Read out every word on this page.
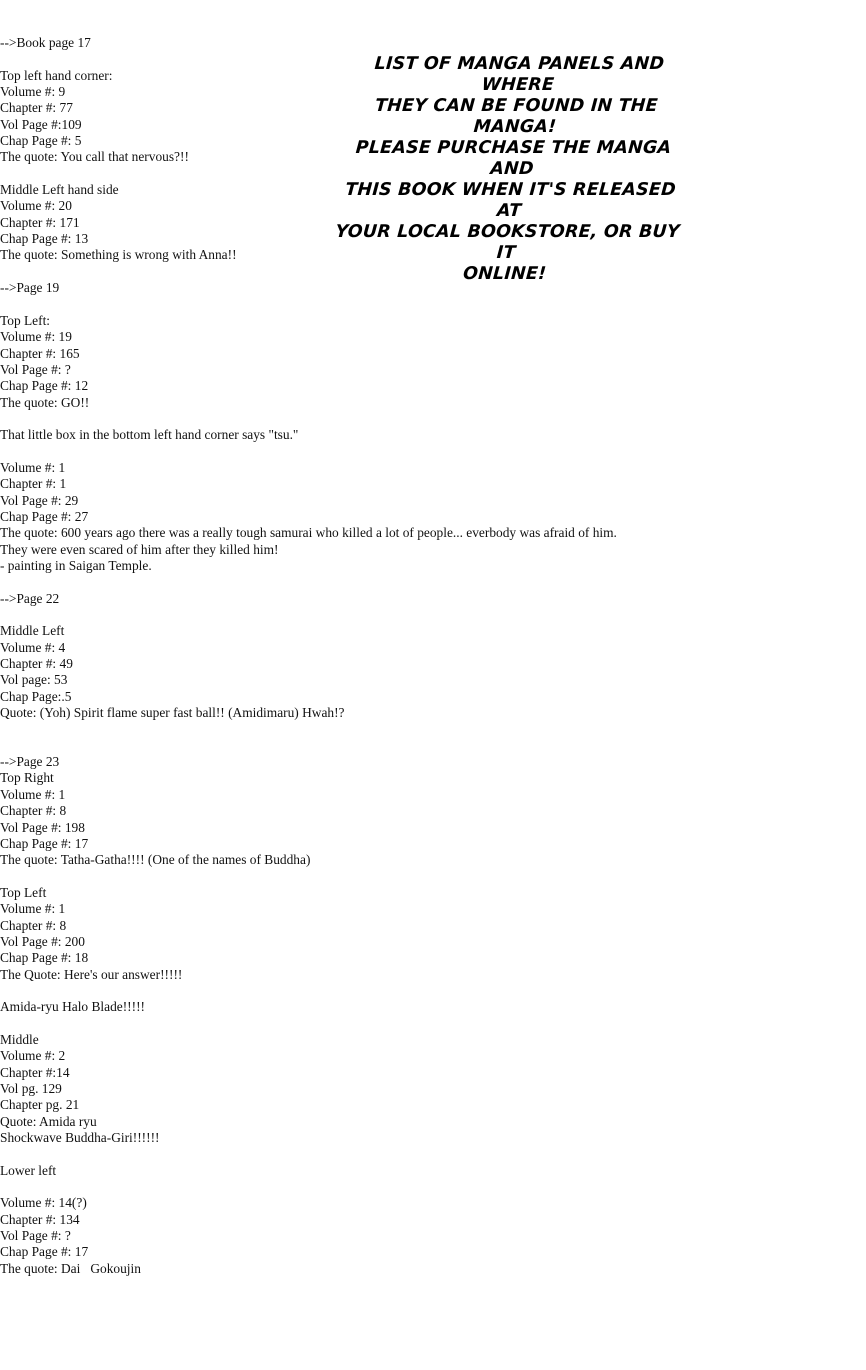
-->Book page 17
Top left hand corner:
Volume #: 9
Chapter #: 77
Vol Page #:109
Chap Page #: 5
The quote: You call that nervous?!!
Middle Left hand side
Volume #: 20
Chapter #: 171
Chap Page #: 13
The quote: Something is wrong with Anna!!
-->Page 19
Top Left:
Volume #: 19
Chapter #: 165
Vol Page #: ?
Chap Page #: 12
The quote: GO!!
That little box in the bottom left hand corner says "tsu."
Volume #: 1
Chapter #: 1
Vol Page #: 29
Chap Page #: 27
The quote: 600 years ago there was a really tough samurai who killed a lot of people... everbody was afraid of him.
They were even scared of him after they killed him!
- painting in Saigan Temple.
-->Page 22
Middle Left
Volume #: 4
Chapter #: 49
Vol page: 53
Chap Page:.5
Quote: (Yoh) Spirit flame super fast ball!! (Amidimaru) Hwah!?
-->Page 23
Top Right
Volume #: 1
Chapter #: 8
Vol Page #: 198
Chap Page #: 17
The quote: Tatha-Gatha!!!! (One of the names of Buddha)
Top Left
Volume #: 1
Chapter #: 8
Vol Page #: 200
Chap Page #: 18
The Quote: Here's our answer!!!!!
Amida-ryu Halo Blade!!!!!
Middle
Volume #: 2
Chapter #:14
Vol pg. 129
Chapter pg. 21
Quote: Amida ryu
Shockwave Buddha-Giri!!!!!!
Lower left
Volume #: 14(?)
Chapter #: 134
Vol Page #: ?
Chap Page #: 17
The quote: Dai   Gokoujin
LIST OF MANGA PANELS AND WHERE
THEY CAN BE FOUND IN THE MANGA!
PLEASE PURCHASE THE MANGA AND
THIS BOOK WHEN IT'S RELEASED AT
YOUR LOCAL BOOKSTORE, OR BUY IT
ONLINE!
